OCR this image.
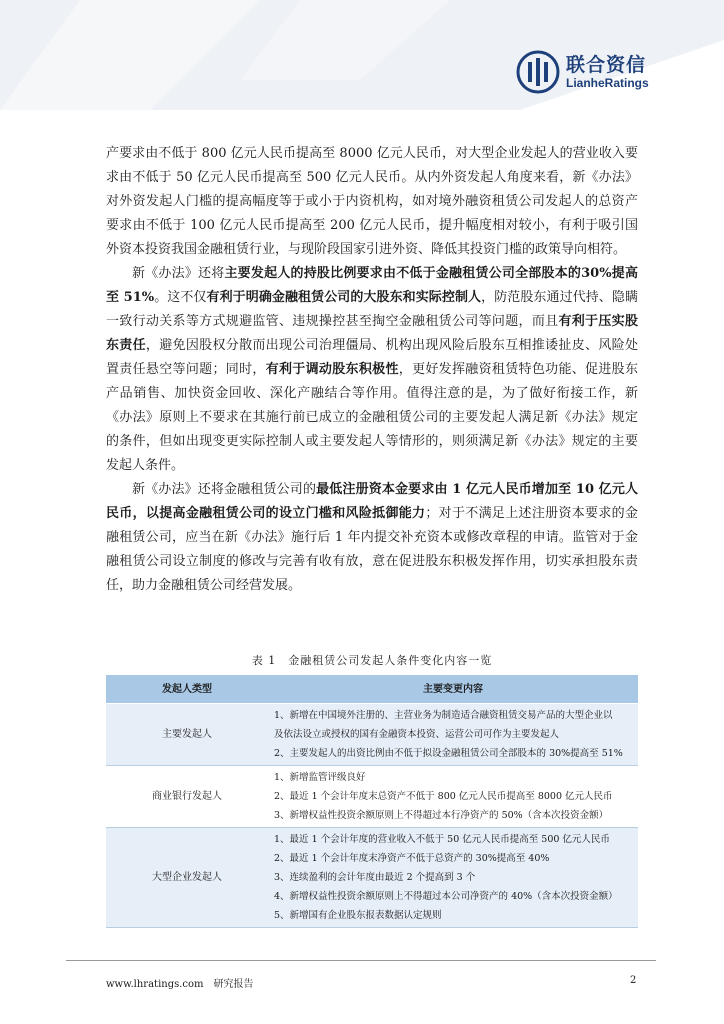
联合资信
LianheRatings

产要求由不低于 800 亿元人民币提高至 8000 亿元人民币，对大型企业发起人的营业收入要求由不低于 50 亿元人民币提高至 500 亿元人民币。从内外资发起人角度来看，新《办法》对外资发起人门槛的提高幅度等于或小于内资机构，如对境外融资租赁公司发起人的总资产要求由不低于 100 亿元人民币提高至 200 亿元人民币，提升幅度相对较小，有利于吸引国外资本投资我国金融租赁行业，与现阶段国家引进外资、降低其投资门槛的政策导向相符。

新《办法》还将主要发起人的持股比例要求由不低于金融租赁公司全部股本的30%提高至 51%。这不仅有利于明确金融租赁公司的大股东和实际控制人，防范股东通过代持、隐瞒一致行动关系等方式规避监管、违规操控甚至掏空金融租赁公司等问题，而且有利于压实股东责任，避免因股权分散而出现公司治理僵局、机构出现风险后股东互相推诿扯皮、风险处置责任悬空等问题；同时，有利于调动股东积极性，更好发挥融资租赁特色功能、促进股东产品销售、加快资金回收、深化产融结合等作用。值得注意的是，为了做好衔接工作，新《办法》原则上不要求在其施行前已成立的金融租赁公司的主要发起人满足新《办法》规定的条件，但如出现变更实际控制人或主要发起人等情形的，则须满足新《办法》规定的主要发起人条件。

新《办法》还将金融租赁公司的最低注册资本金要求由 1 亿元人民币增加至 10 亿元人民币，以提高金融租赁公司的设立门槛和风险抵御能力；对于不满足上述注册资本要求的金融租赁公司，应当在新《办法》施行后 1 年内提交补充资本或修改章程的申请。监管对于金融租赁公司设立制度的修改与完善有收有放，意在促进股东积极发挥作用，切实承担股东责任，助力金融租赁公司经营发展。

表 1　金融租赁公司发起人条件变化内容一览
发起人类型	主要变更内容
主要发起人	1、新增在中国境外注册的、主营业务为制造适合融资租赁交易产品的大型企业以
及依法设立或授权的国有金融资本投资、运营公司可作为主要发起人
2、主要发起人的出资比例由不低于拟设金融租赁公司全部股本的 30%提高至 51%

商业银行发起人	1、新增监管评级良好
2、最近 1 个会计年度末总资产不低于 800 亿元人民币提高至 8000 亿元人民币
3、新增权益性投资余额原则上不得超过本行净资产的 50%（含本次投资金额）

大型企业发起人	1、最近 1 个会计年度的营业收入不低于 50 亿元人民币提高至 500 亿元人民币
2、最近 1 个会计年度末净资产不低于总资产的 30%提高至 40%
3、连续盈利的会计年度由最近 2 个提高到 3 个
4、新增权益性投资余额原则上不得超过本公司净资产的 40%（含本次投资金额）
5、新增国有企业股东报表数据认定规则
www.lhratings.com　研究报告	2
